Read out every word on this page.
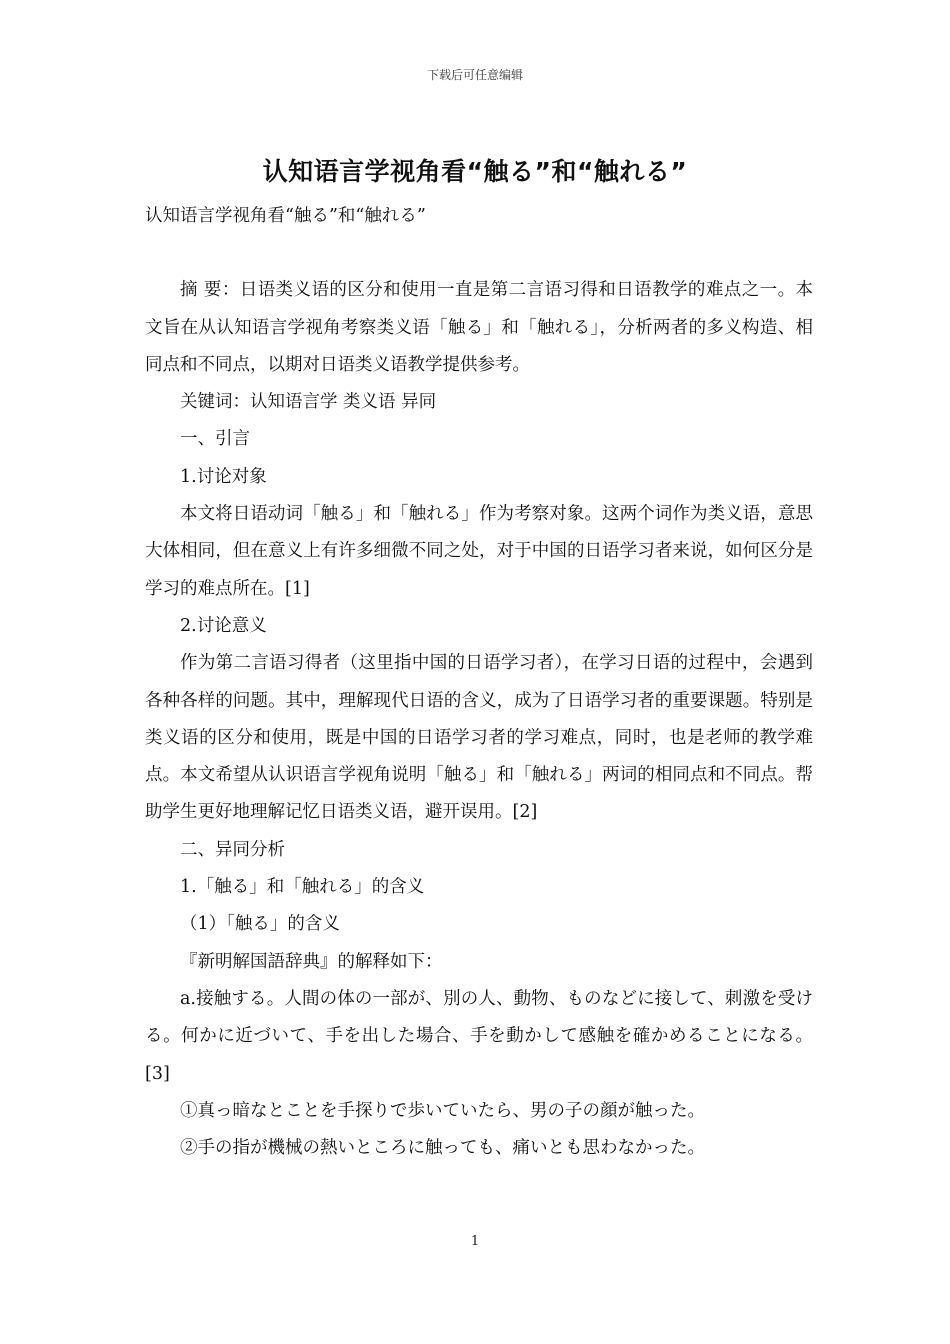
下载后可任意编辑
认知语言学视角看“触る”和“触れる”

认知语言学视角看“触る”和“触れる”

摘 要：日语类义语的区分和使用一直是第二言语习得和日语教学的难点之一。本文旨在从认知语言学视角考察类义语「触る」和「触れる」，分析两者的多义构造、相同点和不同点，以期对日语类义语教学提供参考。

关键词：认知语言学 类义语 异同

一、引言

1.讨论对象

本文将日语动词「触る」和「触れる」作为考察对象。这两个词作为类义语，意思大体相同，但在意义上有许多细微不同之处，对于中国的日语学习者来说，如何区分是学习的难点所在。[1]

2.讨论意义

作为第二言语习得者（这里指中国的日语学习者），在学习日语的过程中，会遇到各种各样的问题。其中，理解现代日语的含义，成为了日语学习者的重要课题。特别是类义语的区分和使用，既是中国的日语学习者的学习难点，同时，也是老师的教学难点。本文希望从认识语言学视角说明「触る」和「触れる」两词的相同点和不同点。帮助学生更好地理解记忆日语类义语，避开误用。[2]

二、异同分析

1.「触る」和「触れる」的含义

（1）「触る」的含义

『新明解国語辞典』的解释如下：

a.接触する。人間の体の一部が、別の人、動物、ものなどに接して、刺激を受ける。何かに近づいて、手を出した場合、手を動かして感触を確かめることになる。[3]

①真っ暗なとことを手探りで歩いていたら、男の子の顔が触った。

②手の指が機械の熱いところに触っても、痛いとも思わなかった。

1
